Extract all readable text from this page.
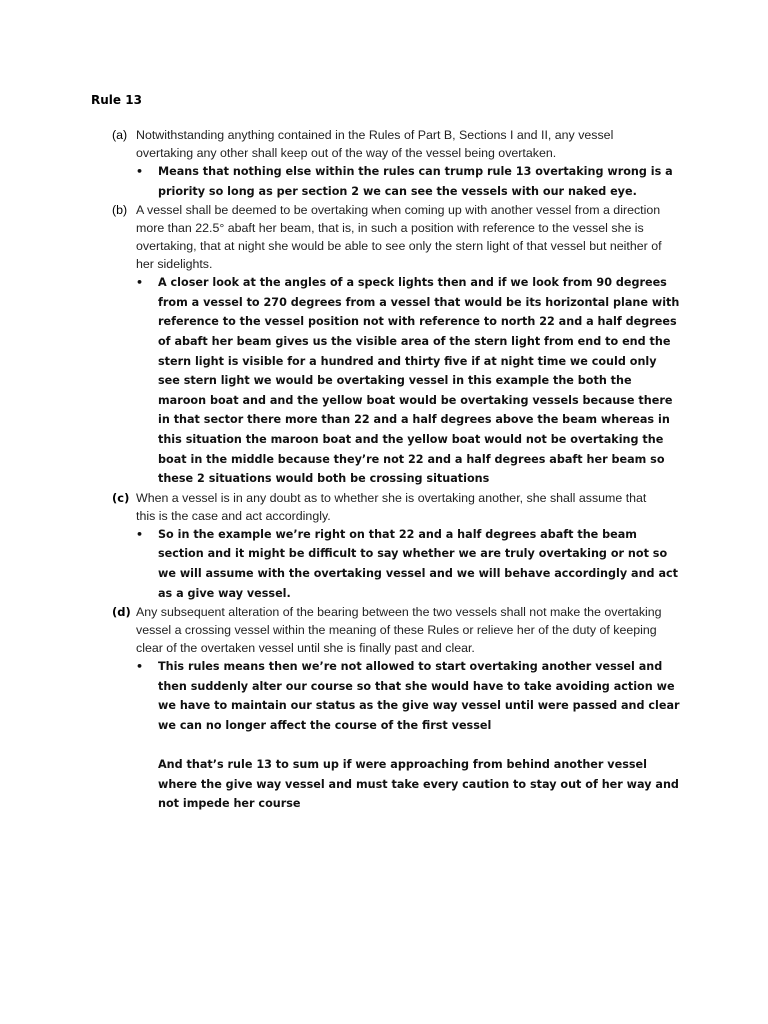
Rule 13
(a) Notwithstanding anything contained in the Rules of Part B, Sections I and II, any vessel overtaking any other shall keep out of the way of the vessel being overtaken.
• Means that nothing else within the rules can trump rule 13 overtaking wrong is a priority so long as per section 2 we can see the vessels with our naked eye.
(b) A vessel shall be deemed to be overtaking when coming up with another vessel from a direction more than 22.5° abaft her beam, that is, in such a position with reference to the vessel she is overtaking, that at night she would be able to see only the stern light of that vessel but neither of her sidelights.
• A closer look at the angles of a speck lights then and if we look from 90 degrees from a vessel to 270 degrees from a vessel that would be its horizontal plane with reference to the vessel position not with reference to north 22 and a half degrees of abaft her beam gives us the visible area of the stern light from end to end the stern light is visible for a hundred and thirty five if at night time we could only see stern light we would be overtaking vessel in this example the both the maroon boat and and the yellow boat would be overtaking vessels because there in that sector there more than 22 and a half degrees above the beam whereas in this situation the maroon boat and the yellow boat would not be overtaking the boat in the middle because they’re not 22 and a half degrees abaft her beam so these 2 situations would both be crossing situations
(c) When a vessel is in any doubt as to whether she is overtaking another, she shall assume that this is the case and act accordingly.
• So in the example we’re right on that 22 and a half degrees abaft the beam section and it might be difficult to say whether we are truly overtaking or not so we will assume with the overtaking vessel and we will behave accordingly and act as a give way vessel.
(d) Any subsequent alteration of the bearing between the two vessels shall not make the overtaking vessel a crossing vessel within the meaning of these Rules or relieve her of the duty of keeping clear of the overtaken vessel until she is finally past and clear.
• This rules means then we’re not allowed to start overtaking another vessel and then suddenly alter our course so that she would have to take avoiding action we we have to maintain our status as the give way vessel until were passed and clear we can no longer affect the course of the first vessel
And that’s rule 13 to sum up if were approaching from behind another vessel where the give way vessel and must take every caution to stay out of her way and not impede her course
